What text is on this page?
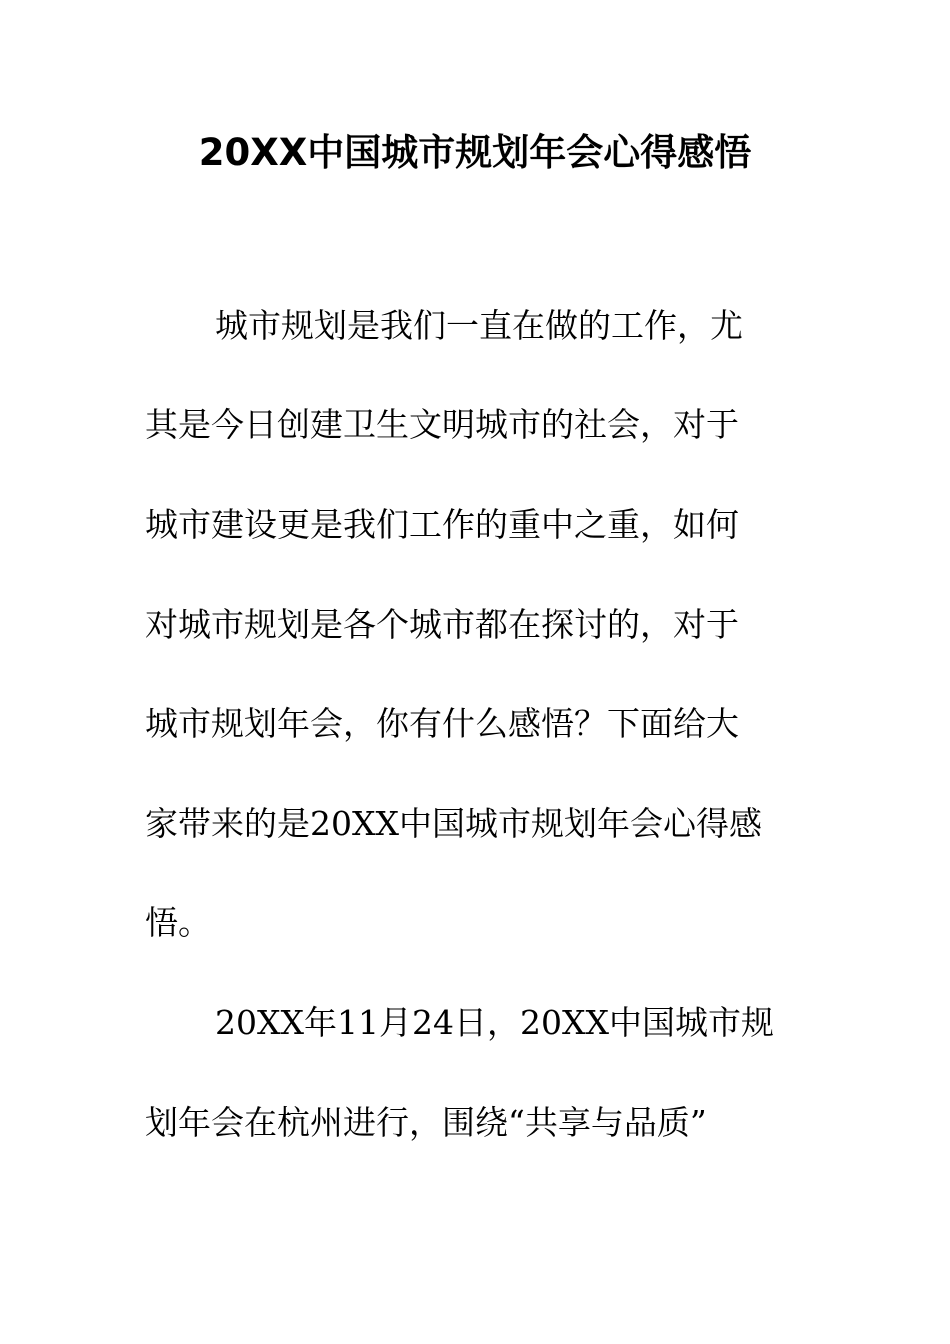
20XX中国城市规划年会心得感悟
城市规划是我们一直在做的工作，尤
其是今日创建卫生文明城市的社会，对于
城市建设更是我们工作的重中之重，如何
对城市规划是各个城市都在探讨的，对于
城市规划年会，你有什么感悟？下面给大
家带来的是20XX中国城市规划年会心得感
悟。
20XX年11月24日，20XX中国城市规
划年会在杭州进行，围绕“共享与品质”
